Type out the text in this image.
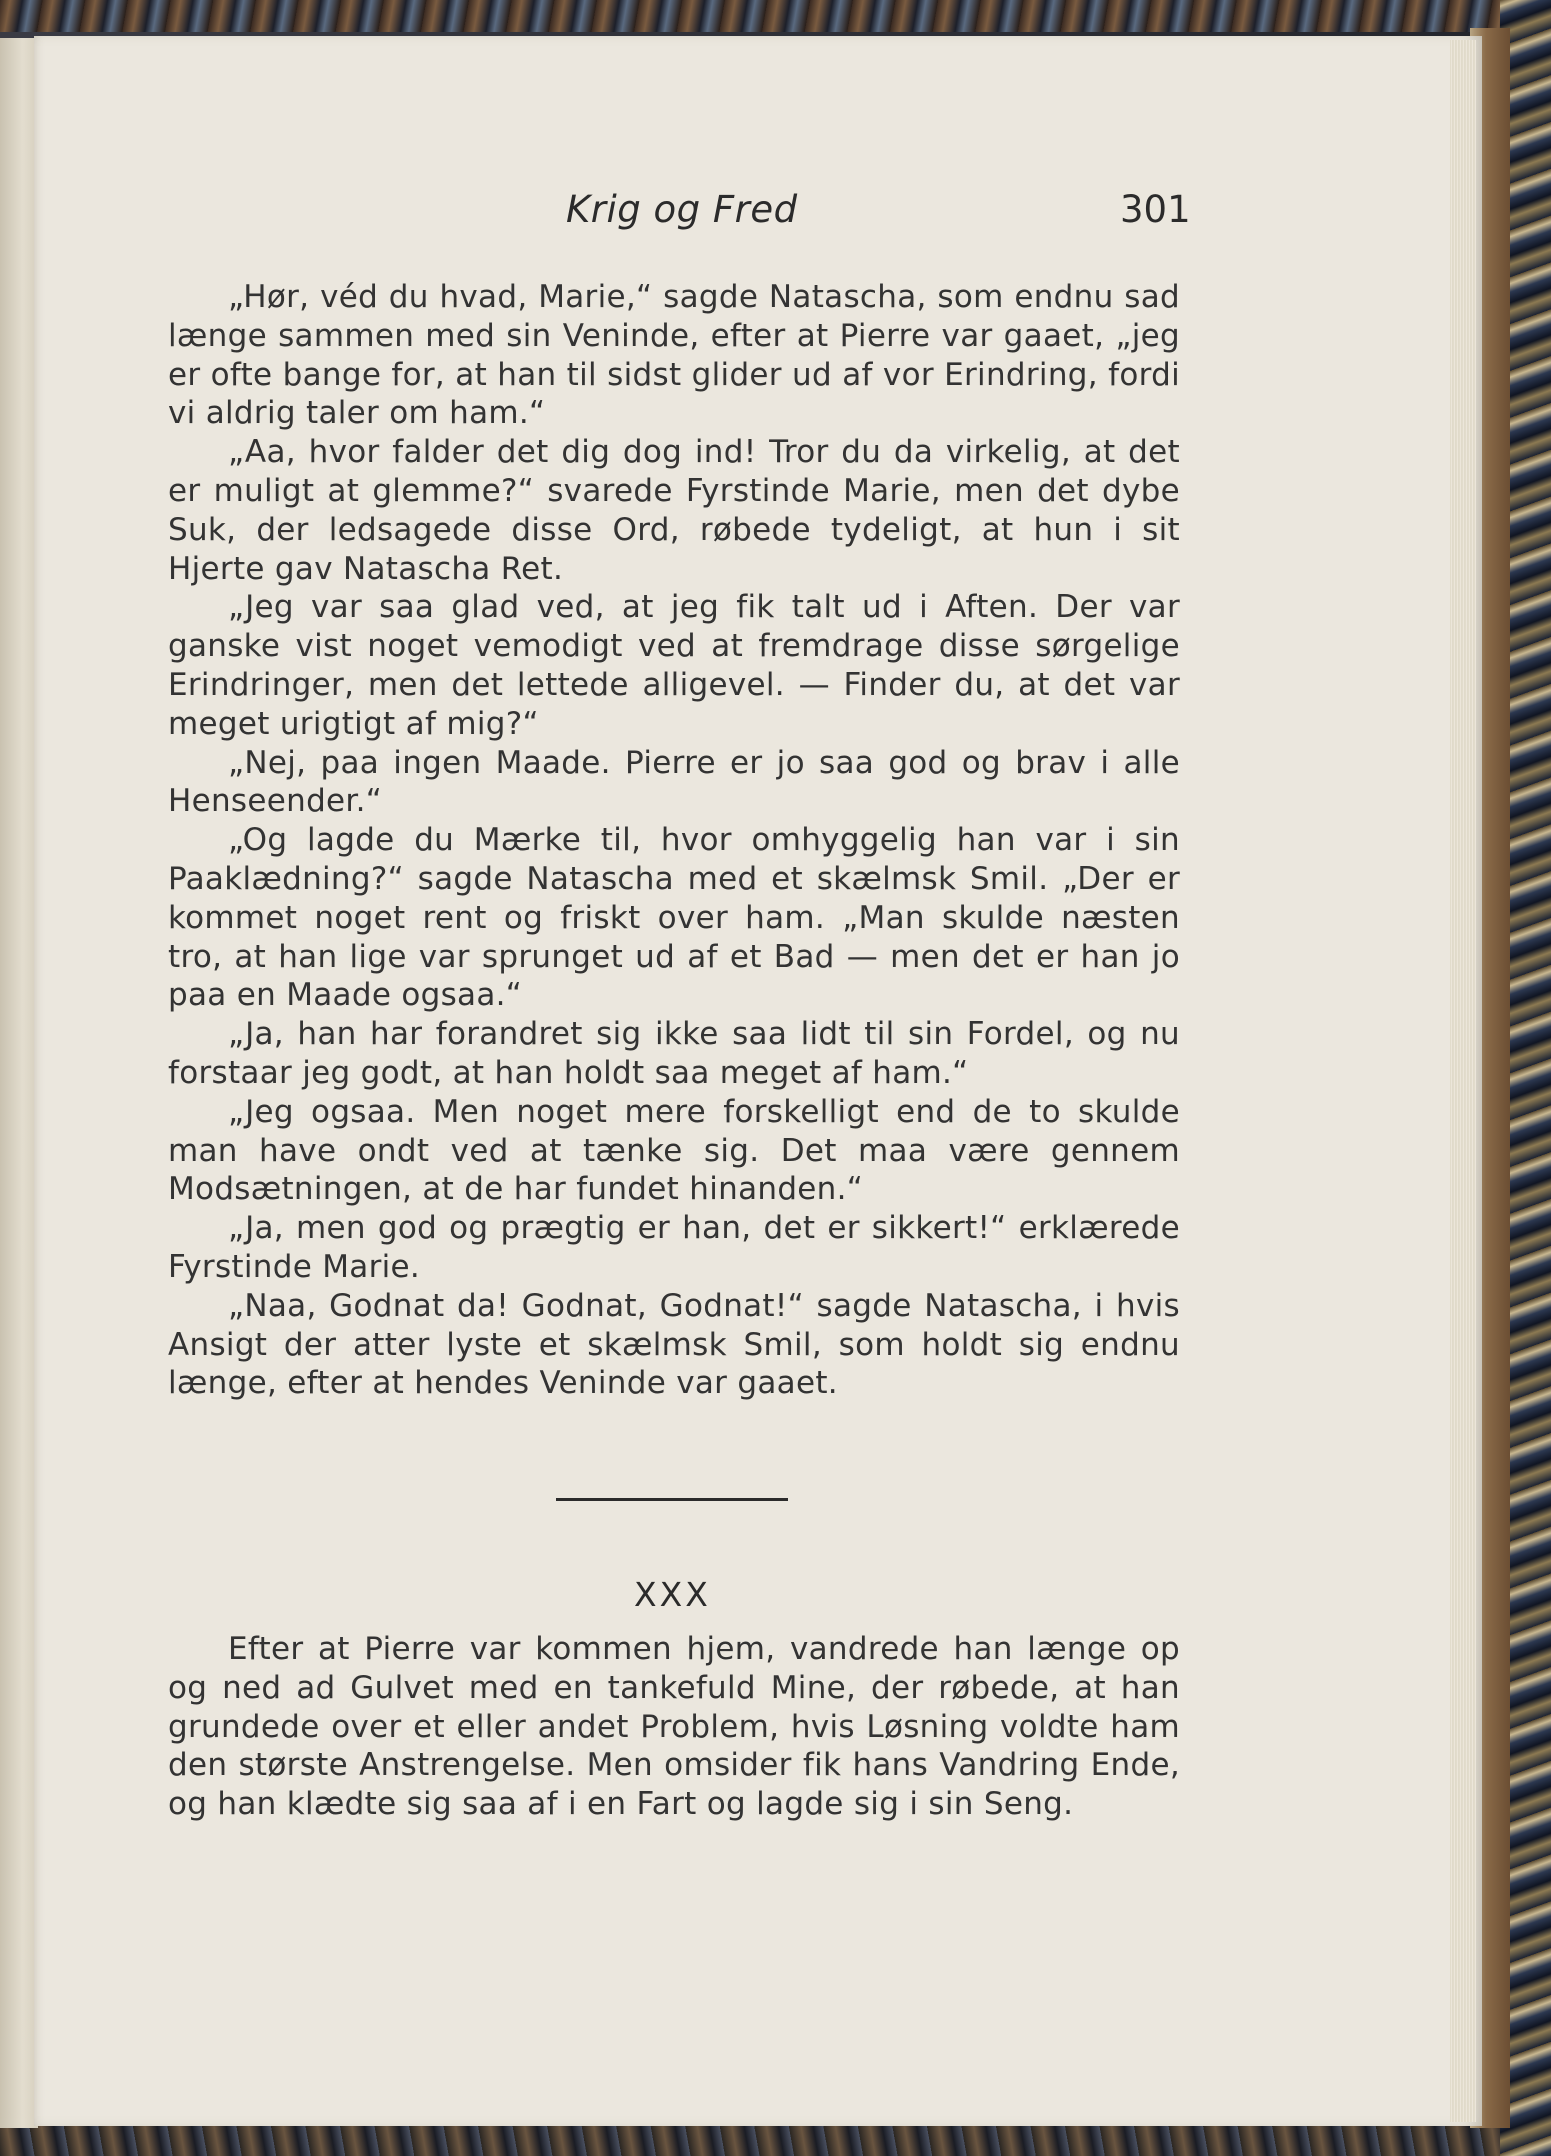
Krig og Fred	301

„Hør, véd du hvad, Marie,“ sagde Natascha, som endnu sad længe sammen med sin Veninde, efter at Pierre var gaaet, „jeg er ofte bange for, at han til sidst glider ud af vor Erindring, fordi vi aldrig taler om ham.“

„Aa, hvor falder det dig dog ind! Tror du da virkelig, at det er muligt at glemme?“ svarede Fyrstinde Marie, men det dybe Suk, der ledsagede disse Ord, røbede tydeligt, at hun i sit Hjerte gav Natascha Ret.

„Jeg var saa glad ved, at jeg fik talt ud i Aften. Der var ganske vist noget vemodigt ved at fremdrage disse sørgelige Erindringer, men det lettede alligevel. — Finder du, at det var meget urigtigt af mig?“

„Nej, paa ingen Maade. Pierre er jo saa god og brav i alle Henseender.“

„Og lagde du Mærke til, hvor omhyggelig han var i sin Paaklædning?“ sagde Natascha med et skælmsk Smil. „Der er kommet noget rent og friskt over ham. „Man skulde næsten tro, at han lige var sprunget ud af et Bad — men det er han jo paa en Maade ogsaa.“

„Ja, han har forandret sig ikke saa lidt til sin Fordel, og nu forstaar jeg godt, at han holdt saa meget af ham.“

„Jeg ogsaa. Men noget mere forskelligt end de to skulde man have ondt ved at tænke sig. Det maa være gennem Modsætningen, at de har fundet hinanden.“

„Ja, men god og prægtig er han, det er sikkert!“ erklærede Fyrstinde Marie.

„Naa, Godnat da! Godnat, Godnat!“ sagde Natascha, i hvis Ansigt der atter lyste et skælmsk Smil, som holdt sig endnu længe, efter at hendes Veninde var gaaet.

XXX

Efter at Pierre var kommen hjem, vandrede han længe op og ned ad Gulvet med en tankefuld Mine, der røbede, at han grundede over et eller andet Problem, hvis Løsning voldte ham den største Anstrengelse. Men omsider fik hans Vandring Ende, og han klædte sig saa af i en Fart og lagde sig i sin Seng.
